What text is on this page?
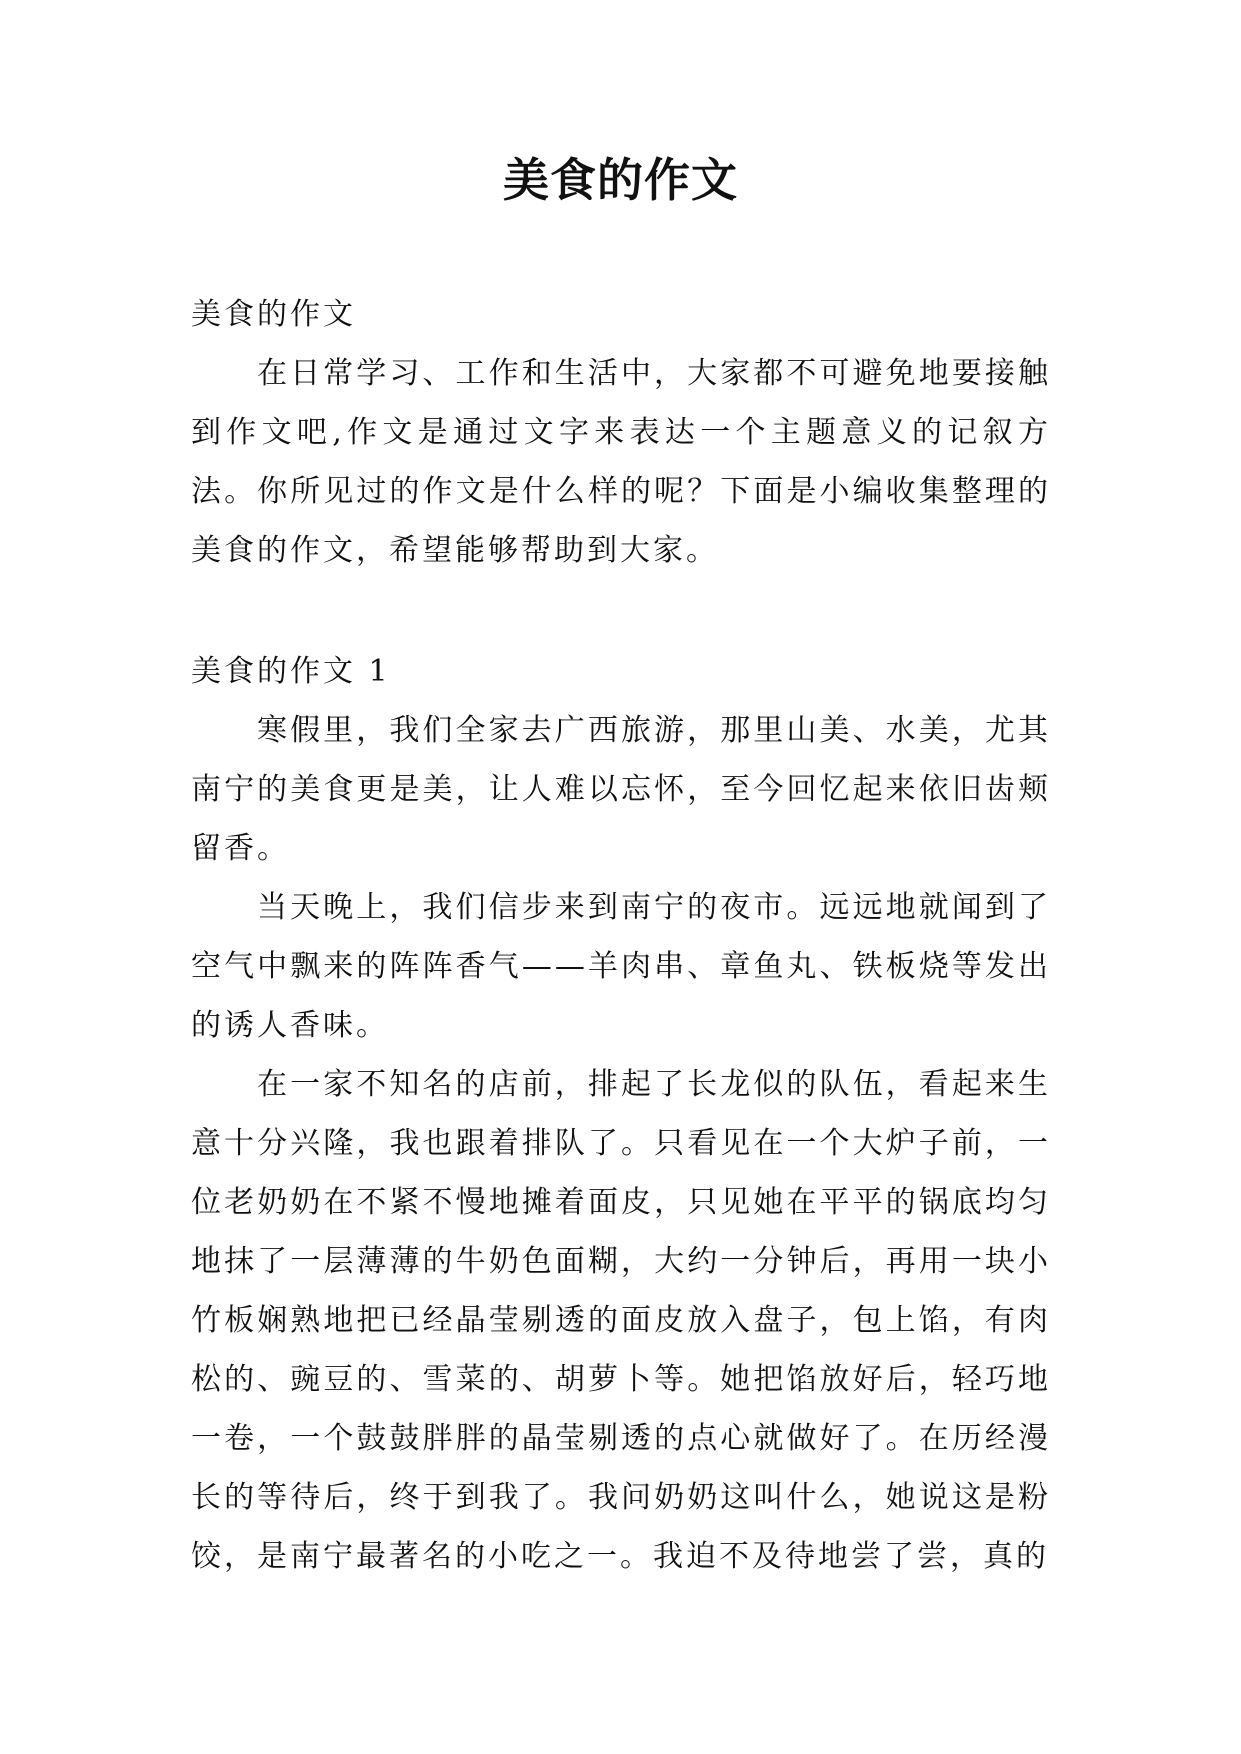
美食的作文
美食的作文
在日常学习、工作和生活中，大家都不可避免地要接触到作文吧,作文是通过文字来表达一个主题意义的记叙方法。你所见过的作文是什么样的呢？下面是小编收集整理的美食的作文，希望能够帮助到大家。
美食的作文 1
寒假里，我们全家去广西旅游，那里山美、水美，尤其南宁的美食更是美，让人难以忘怀，至今回忆起来依旧齿颊留香。
当天晚上，我们信步来到南宁的夜市。远远地就闻到了空气中飘来的阵阵香气——羊肉串、章鱼丸、铁板烧等发出的诱人香味。
在一家不知名的店前，排起了长龙似的队伍，看起来生意十分兴隆，我也跟着排队了。只看见在一个大炉子前，一位老奶奶在不紧不慢地摊着面皮，只见她在平平的锅底均匀地抹了一层薄薄的牛奶色面糊，大约一分钟后，再用一块小竹板娴熟地把已经晶莹剔透的面皮放入盘子，包上馅，有肉松的、豌豆的、雪菜的、胡萝卜等。她把馅放好后，轻巧地一卷，一个鼓鼓胖胖的晶莹剔透的点心就做好了。在历经漫长的等待后，终于到我了。我问奶奶这叫什么，她说这是粉饺，是南宁最著名的小吃之一。我迫不及待地尝了尝，真的
